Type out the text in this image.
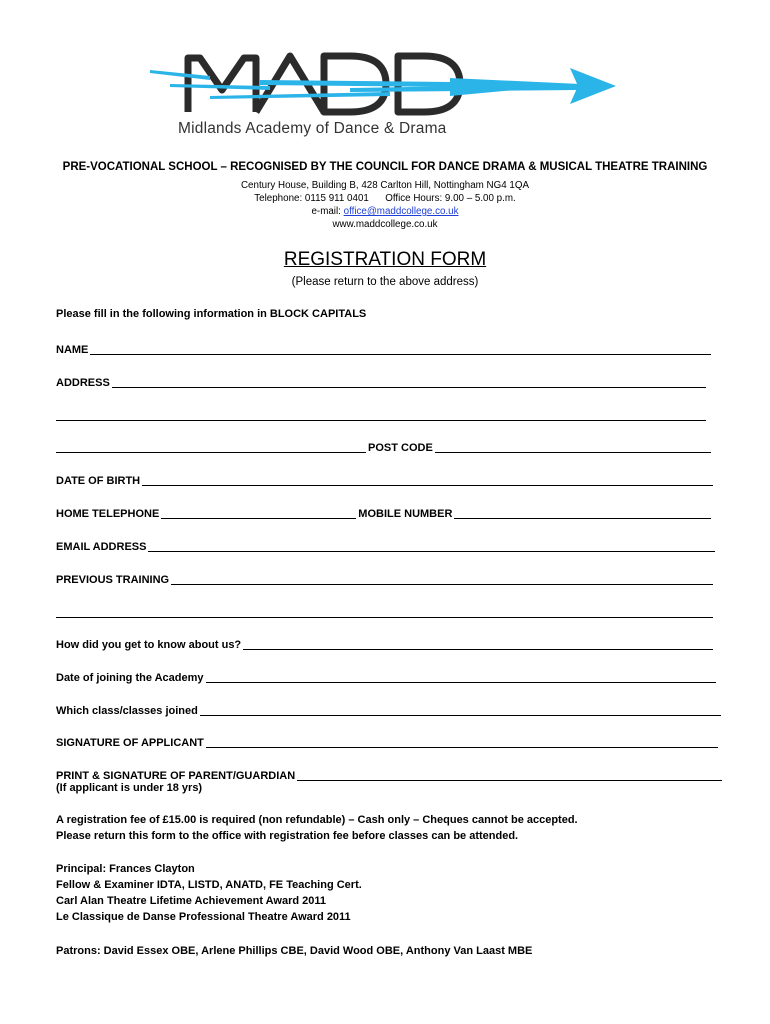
Midlands Academy of Dance & Drama
PRE-VOCATIONAL SCHOOL – RECOGNISED BY THE COUNCIL FOR DANCE DRAMA & MUSICAL THEATRE TRAINING
Century House, Building B, 428 Carlton Hill, Nottingham NG4 1QA
Telephone: 0115 911 0401 Office Hours: 9.00 – 5.00 p.m.
e-mail: office@maddcollege.co.uk
www.maddcollege.co.uk
REGISTRATION FORM
(Please return to the above address)
Please fill in the following information in BLOCK CAPITALS
NAME
ADDRESS
POST CODE
DATE OF BIRTH
HOME TELEPHONE	MOBILE NUMBER
EMAIL ADDRESS
PREVIOUS TRAINING
How did you get to know about us?
Date of joining the Academy
Which class/classes joined
SIGNATURE OF APPLICANT
PRINT & SIGNATURE OF PARENT/GUARDIAN
(If applicant is under 18 yrs)
A registration fee of £15.00 is required (non refundable) – Cash only – Cheques cannot be accepted.
Please return this form to the office with registration fee before classes can be attended.
Principal: Frances Clayton
Fellow & Examiner IDTA, LISTD, ANATD, FE Teaching Cert.
Carl Alan Theatre Lifetime Achievement Award 2011
Le Classique de Danse Professional Theatre Award 2011
Patrons: David Essex OBE, Arlene Phillips CBE, David Wood OBE, Anthony Van Laast MBE
